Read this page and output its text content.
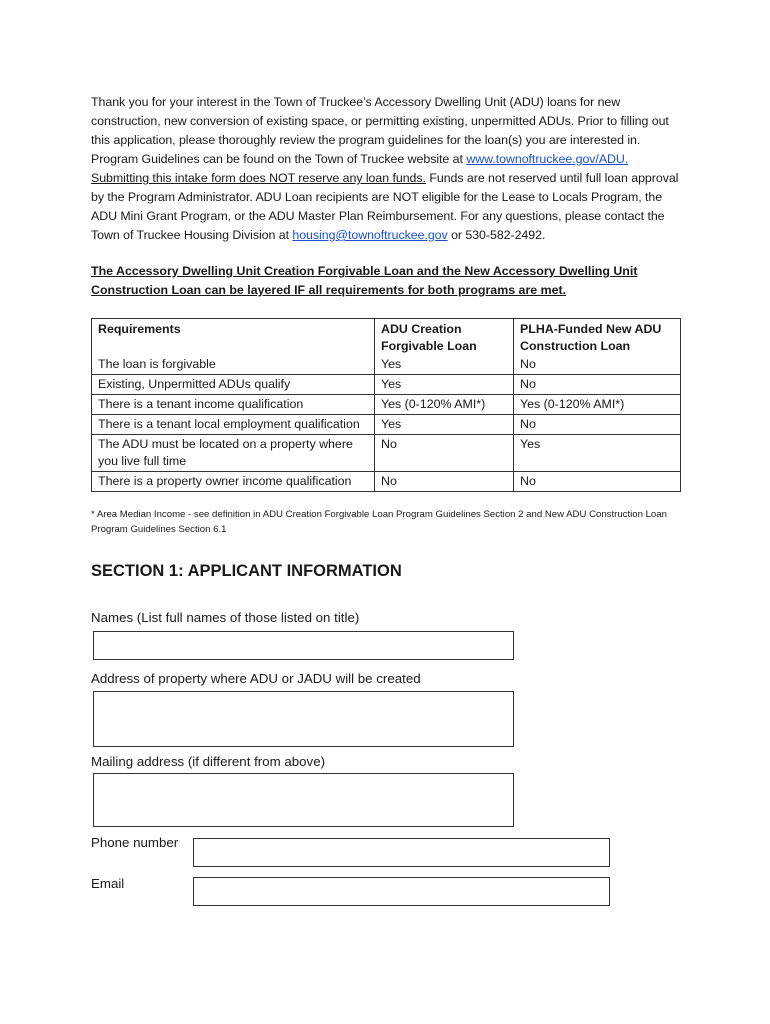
Thank you for your interest in the Town of Truckee’s Accessory Dwelling Unit (ADU) loans for new construction, new conversion of existing space, or permitting existing, unpermitted ADUs. Prior to filling out this application, please thoroughly review the program guidelines for the loan(s) you are interested in. Program Guidelines can be found on the Town of Truckee website at www.townoftruckee.gov/ADU. Submitting this intake form does NOT reserve any loan funds. Funds are not reserved until full loan approval by the Program Administrator. ADU Loan recipients are NOT eligible for the Lease to Locals Program, the ADU Mini Grant Program, or the ADU Master Plan Reimbursement. For any questions, please contact the Town of Truckee Housing Division at housing@townoftruckee.gov or 530-582-2492.

The Accessory Dwelling Unit Creation Forgivable Loan and the New Accessory Dwelling Unit Construction Loan can be layered IF all requirements for both programs are met.

Requirements	ADU Creation Forgivable Loan	PLHA-Funded New ADU Construction Loan
The loan is forgivable	Yes	No
Existing, Unpermitted ADUs qualify	Yes	No
There is a tenant income qualification	Yes (0-120% AMI*)	Yes (0-120% AMI*)
There is a tenant local employment qualification	Yes	No
The ADU must be located on a property where you live full time	No	Yes
There is a property owner income qualification	No	No

* Area Median Income - see definition in ADU Creation Forgivable Loan Program Guidelines Section 2 and New ADU Construction Loan Program Guidelines Section 6.1

SECTION 1: APPLICANT INFORMATION

Names (List full names of those listed on title)

Address of property where ADU or JADU will be created

Mailing address (if different from above)

Phone number

Email
